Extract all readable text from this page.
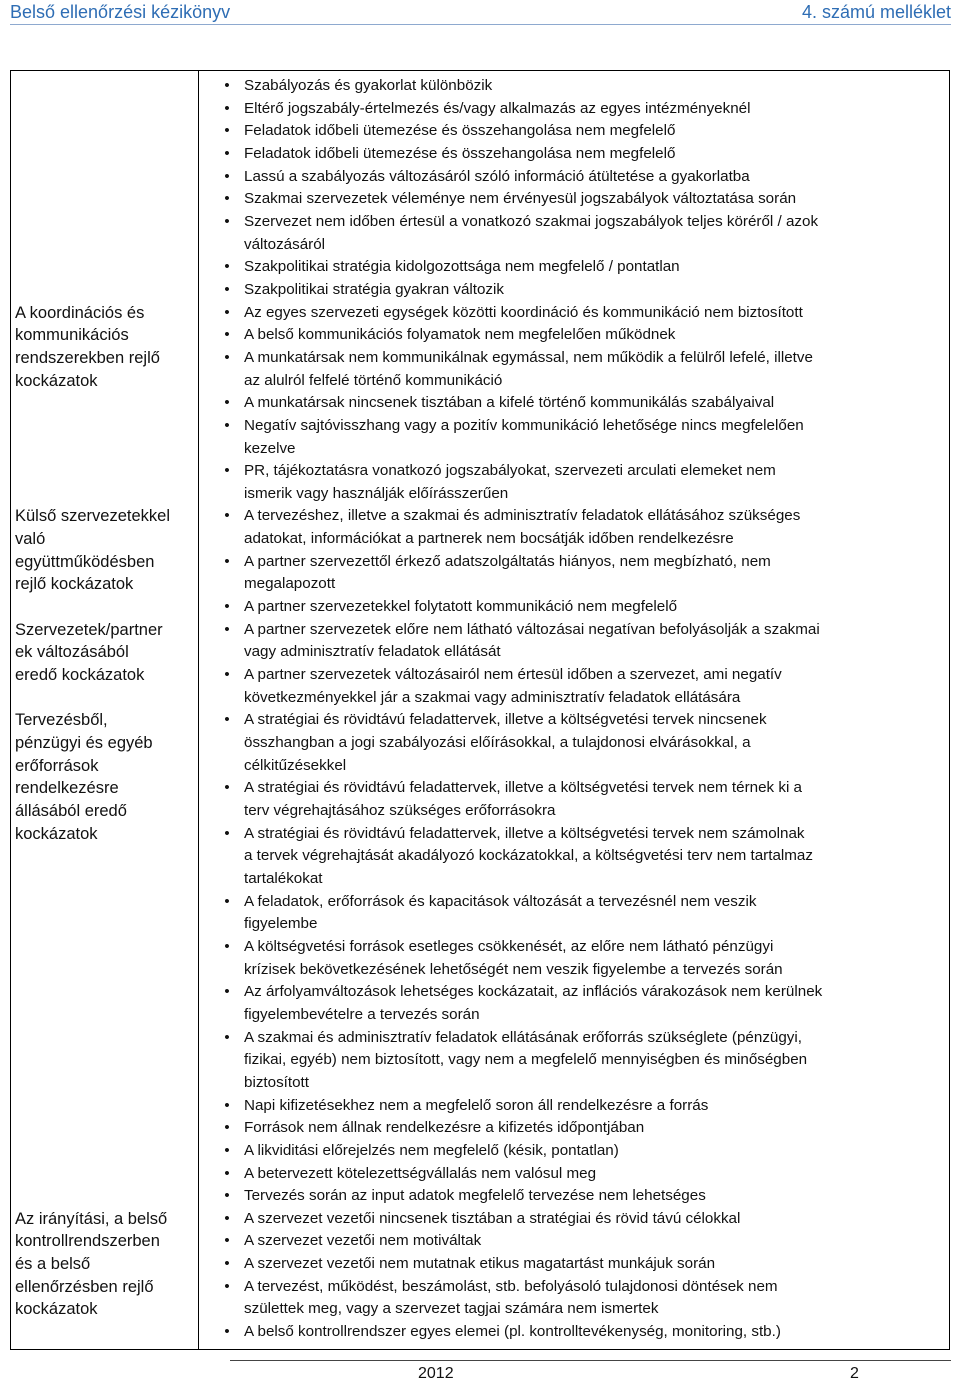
Belső ellenőrzési kézikönyv	4. számú melléklet
• Szabályozás és gyakorlat különbözik
• Eltérő jogszabály-értelmezés és/vagy alkalmazás az egyes intézményeknél
• Feladatok időbeli ütemezése és összehangolása nem megfelelő
• Feladatok időbeli ütemezése és összehangolása nem megfelelő
• Lassú a szabályozás változásáról szóló információ átültetése a gyakorlatba
• Szakmai szervezetek véleménye nem érvényesül jogszabályok változtatása során
• Szervezet nem időben értesül a vonatkozó szakmai jogszabályok teljes köréről / azok
változásáról
• Szakpolitikai stratégia kidolgozottsága nem megfelelő / pontatlan
• Szakpolitikai stratégia gyakran változik
A koordinációs és
kommunikációs
rendszerekben rejlő
kockázatok
• Az egyes szervezeti egységek közötti koordináció és kommunikáció nem biztosított
• A belső kommunikációs folyamatok nem megfelelően működnek
• A munkatársak nem kommunikálnak egymással, nem működik a felülről lefelé, illetve
az alulról felfelé történő kommunikáció
• A munkatársak nincsenek tisztában a kifelé történő kommunikálás szabályaival
• Negatív sajtóvisszhang vagy a pozitív kommunikáció lehetősége nincs megfelelően
kezelve
• PR, tájékoztatásra vonatkozó jogszabályokat, szervezeti arculati elemeket nem
ismerik vagy használják előírásszerűen
Külső szervezetekkel
való
együttműködésben
rejlő kockázatok
• A tervezéshez, illetve a szakmai és adminisztratív feladatok ellátásához szükséges
adatokat, információkat a partnerek nem bocsátják időben rendelkezésre
• A partner szervezettől érkező adatszolgáltatás hiányos, nem megbízható, nem
megalapozott
• A partner szervezetekkel folytatott kommunikáció nem megfelelő
Szervezetek/partner
ek változásából
eredő kockázatok
• A partner szervezetek előre nem látható változásai negatívan befolyásolják a szakmai
vagy adminisztratív feladatok ellátását
• A partner szervezetek változásairól nem értesül időben a szervezet, ami negatív
következményekkel jár a szakmai vagy adminisztratív feladatok ellátására
Tervezésből,
pénzügyi és egyéb
erőforrások
rendelkezésre
állásából eredő
kockázatok
• A stratégiai és rövidtávú feladattervek, illetve a költségvetési tervek nincsenek
összhangban a jogi szabályozási előírásokkal, a tulajdonosi elvárásokkal, a
célkitűzésekkel
• A stratégiai és rövidtávú feladattervek, illetve a költségvetési tervek nem térnek ki a
terv végrehajtásához szükséges erőforrásokra
• A stratégiai és rövidtávú feladattervek, illetve a költségvetési tervek nem számolnak
a tervek végrehajtását akadályozó kockázatokkal, a költségvetési terv nem tartalmaz
tartalékokat
• A feladatok, erőforrások és kapacitások változását a tervezésnél nem veszik
figyelembe
• A költségvetési források esetleges csökkenését, az előre nem látható pénzügyi
krízisek bekövetkezésének lehetőségét nem veszik figyelembe a tervezés során
• Az árfolyamváltozások lehetséges kockázatait, az inflációs várakozások nem kerülnek
figyelembevételre a tervezés során
• A szakmai és adminisztratív feladatok ellátásának erőforrás szükséglete (pénzügyi,
fizikai, egyéb) nem biztosított, vagy nem a megfelelő mennyiségben és minőségben
biztosított
• Napi kifizetésekhez nem a megfelelő soron áll rendelkezésre a forrás
• Források nem állnak rendelkezésre a kifizetés időpontjában
• A likviditási előrejelzés nem megfelelő (késik, pontatlan)
• A betervezett kötelezettségvállalás nem valósul meg
• Tervezés során az input adatok megfelelő tervezése nem lehetséges
Az irányítási, a belső
kontrollrendszerben
és a belső
ellenőrzésben rejlő
kockázatok
• A szervezet vezetői nincsenek tisztában a stratégiai és rövid távú célokkal
• A szervezet vezetői nem motiváltak
• A szervezet vezetői nem mutatnak etikus magatartást munkájuk során
• A tervezést, működést, beszámolást, stb. befolyásoló tulajdonosi döntések nem
születtek meg, vagy a szervezet tagjai számára nem ismertek
• A belső kontrollrendszer egyes elemei (pl. kontrolltevékenység, monitoring, stb.)
2012	2
